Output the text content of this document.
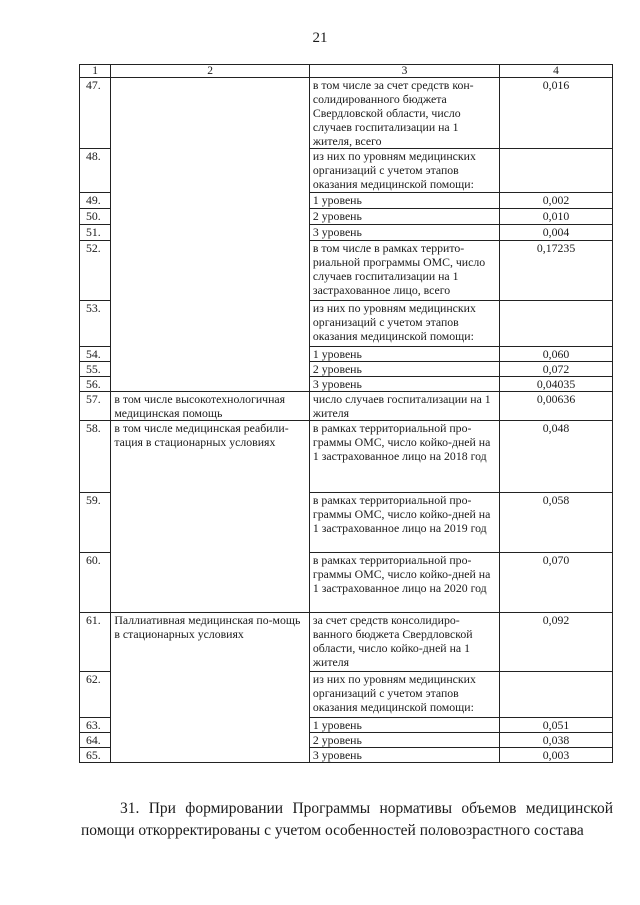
21
1	2	3	4
47.		в том числе за счет средств кон-солидированного бюджета Свердловской области, число случаев госпитализации на 1 жителя, всего	0,016
48.		из них по уровням медицинских организаций с учетом этапов оказания медицинской помощи:	
49.		1 уровень	0,002
50.		2 уровень	0,010
51.		3 уровень	0,004
52.		в том числе в рамках террито-риальной программы ОМС, число случаев госпитализации на 1 застрахованное лицо, всего	0,17235
53.		из них по уровням медицинских организаций с учетом этапов оказания медицинской помощи:	
54.		1 уровень	0,060
55.		2 уровень	0,072
56.		3 уровень	0,04035
57.	в том числе высокотехнологичная медицинская помощь	число случаев госпитализации на 1 жителя	0,00636
58.	в том числе медицинская реабили-тация в стационарных условиях	в рамках территориальной про-граммы ОМС, число койко-дней на 1 застрахованное лицо на 2018 год	0,048
59.		в рамках территориальной про-граммы ОМС, число койко-дней на 1 застрахованное лицо на 2019 год	0,058
60.		в рамках территориальной про-граммы ОМС, число койко-дней на 1 застрахованное лицо на 2020 год	0,070
61.	Паллиативная медицинская по-мощь в стационарных условиях	за счет средств консолидиро-ванного бюджета Свердловской области, число койко-дней на 1 жителя	0,092
62.		из них по уровням медицинских организаций с учетом этапов оказания медицинской помощи:	
63.		1 уровень	0,051
64.		2 уровень	0,038
65.		3 уровень	0,003
31. При формировании Программы нормативы объемов медицинской помощи откорректированы с учетом особенностей половозрастного состава
